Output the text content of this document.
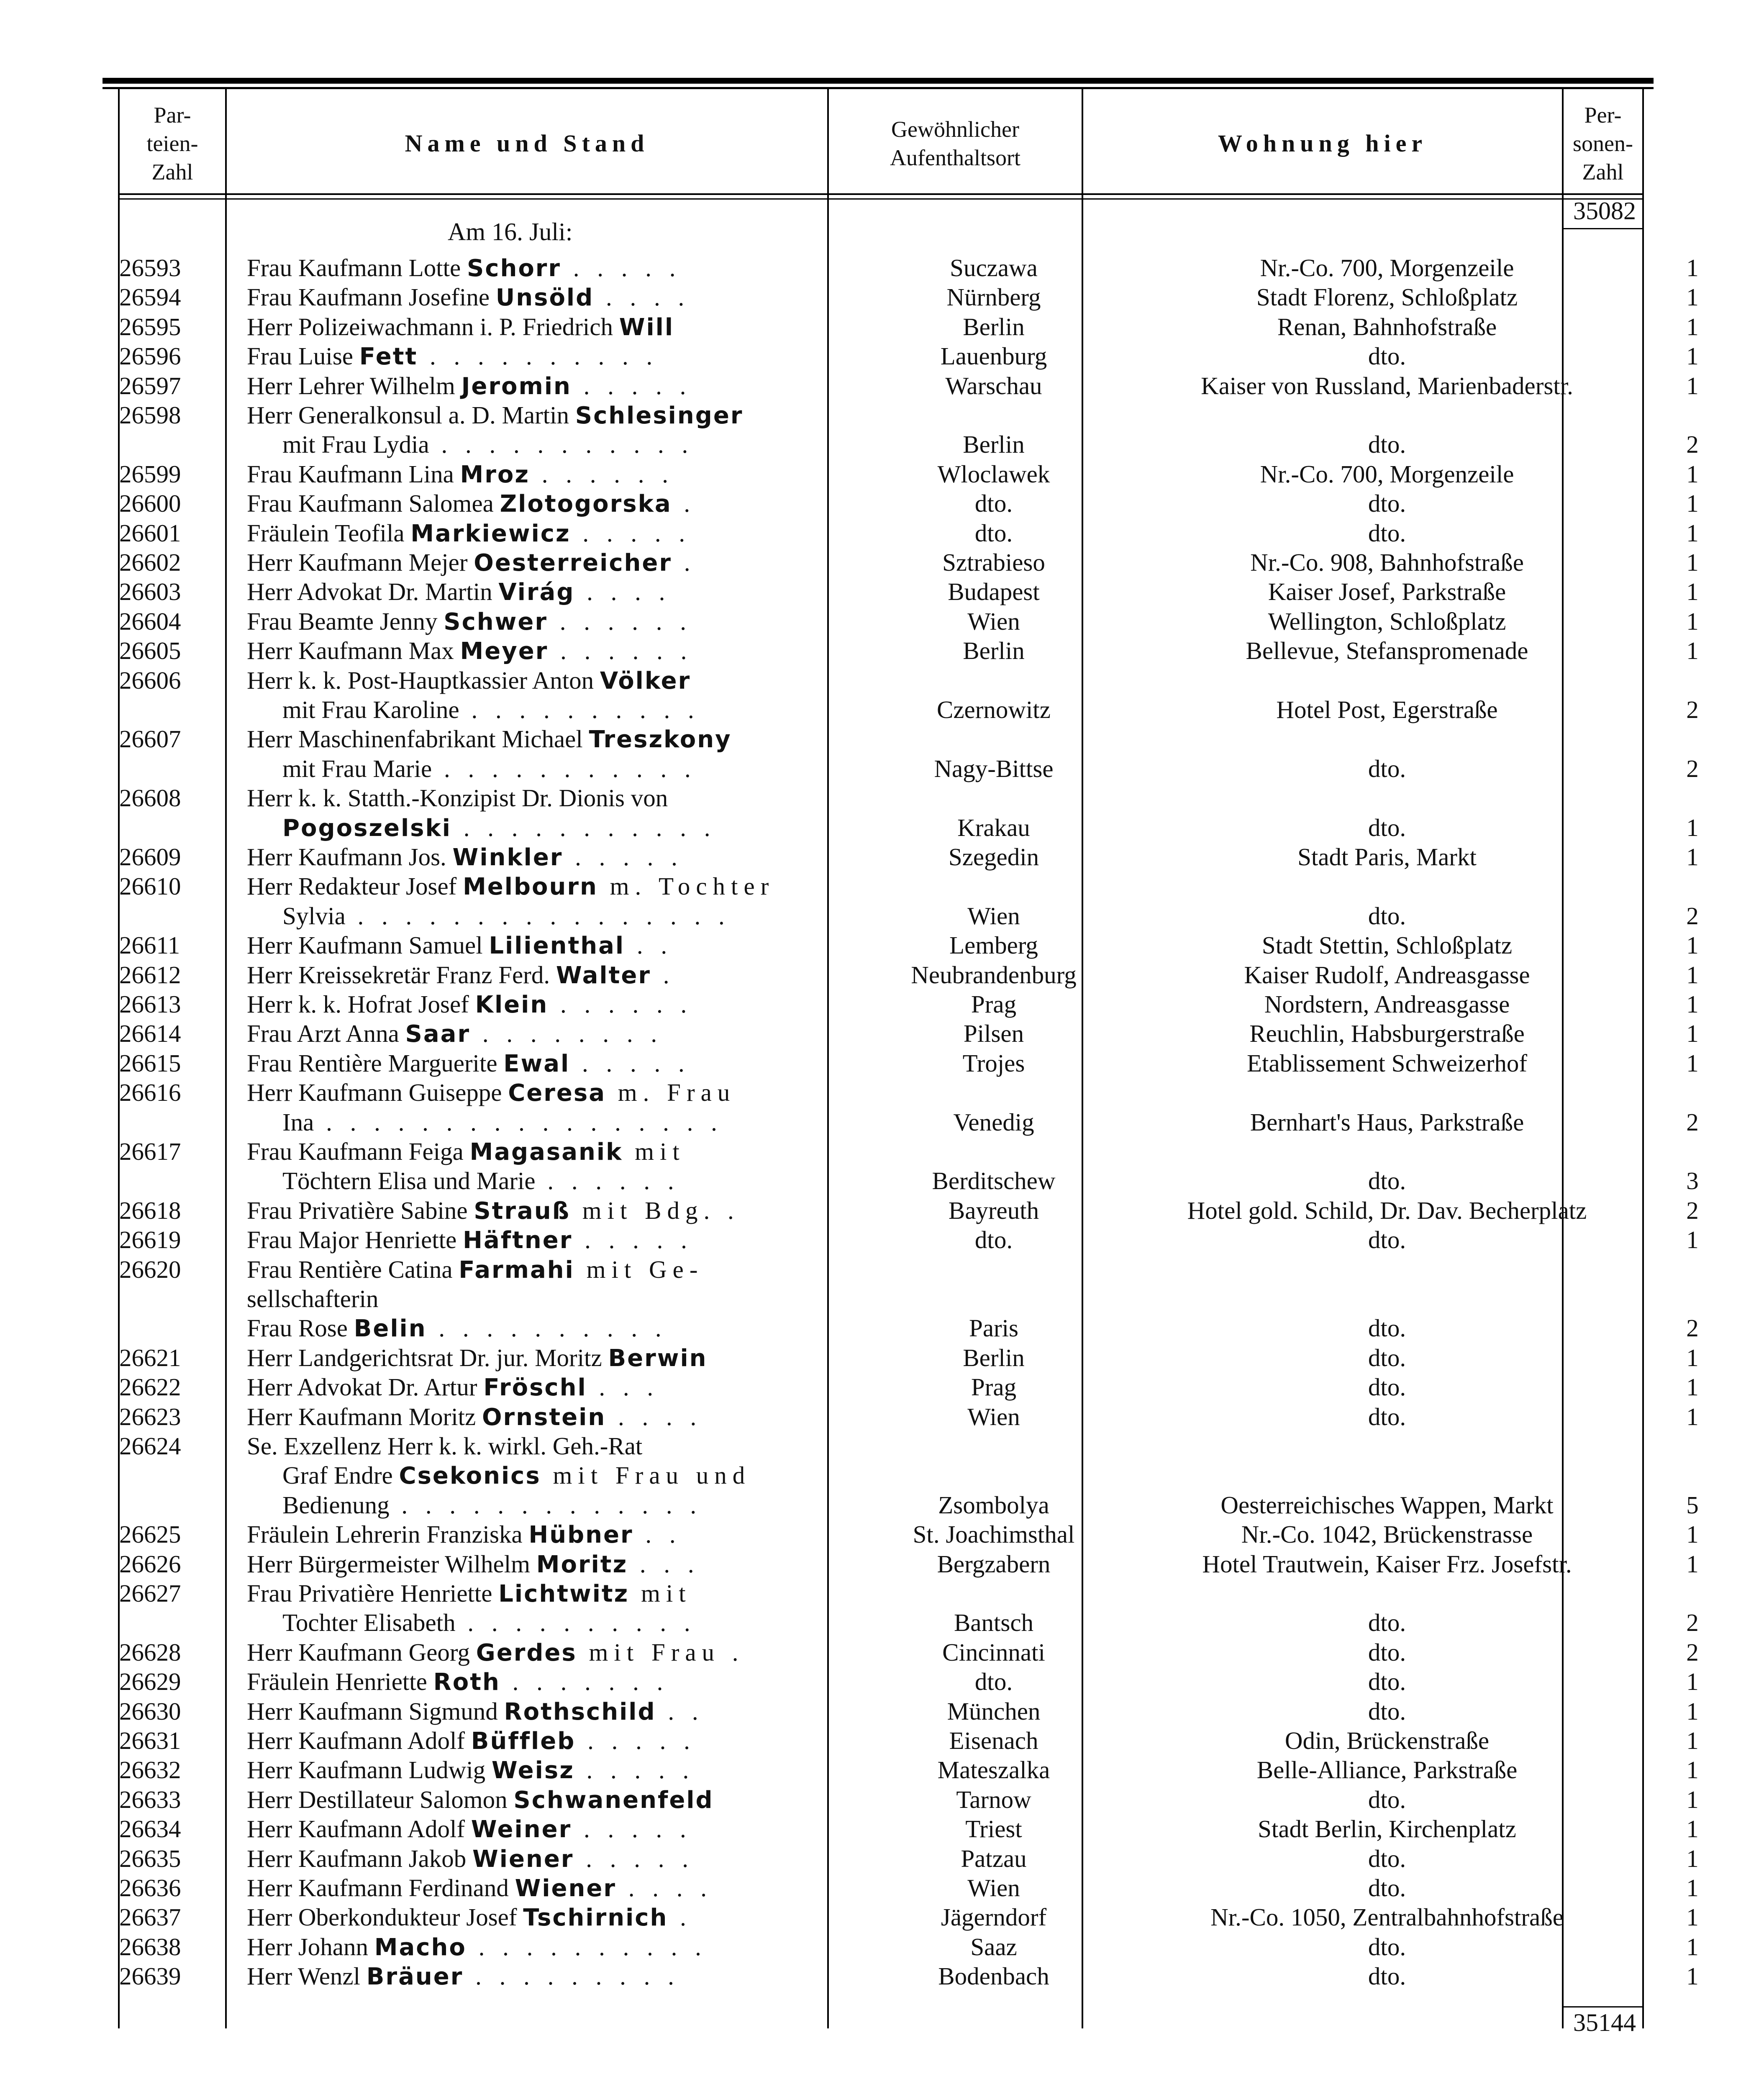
Par-
teien-
Zahl
Name und Stand
Gewöhnlicher
Aufenthaltsort
Wohnung hier
Per-
sonen-
Zahl
Am 16. Juli:
35082
26593	Frau Kaufmann Lotte Schorr . . . . .	Suczawa	Nr.-Co. 700, Morgenzeile	1
26594	Frau Kaufmann Josefine Unsöld . . . .	Nürnberg	Stadt Florenz, Schloßplatz	1
26595	Herr Polizeiwachmann i. P. Friedrich Will	Berlin	Renan, Bahnhofstraße	1
26596	Frau Luise Fett . . . . . . . . . .	Lauenburg	dto.	1
26597	Herr Lehrer Wilhelm Jeromin . . . . .	Warschau	Kaiser von Russland, Marienbaderstr.	1
26598	Herr Generalkonsul a. D. Martin Schlesinger
mit Frau Lydia . . . . . . . . . . .	Berlin	dto.	2
26599	Frau Kaufmann Lina Mroz . . . . . .	Wloclawek	Nr.-Co. 700, Morgenzeile	1
26600	Frau Kaufmann Salomea Zlotogorska .	dto.	dto.	1
26601	Fräulein Teofila Markiewicz . . . . .	dto.	dto.	1
26602	Herr Kaufmann Mejer Oesterreicher .	Sztrabieso	Nr.-Co. 908, Bahnhofstraße	1
26603	Herr Advokat Dr. Martin Virág . . . .	Budapest	Kaiser Josef, Parkstraße	1
26604	Frau Beamte Jenny Schwer . . . . . .	Wien	Wellington, Schloßplatz	1
26605	Herr Kaufmann Max Meyer . . . . . .	Berlin	Bellevue, Stefanspromenade	1
26606	Herr k. k. Post-Hauptkassier Anton Völker
mit Frau Karoline . . . . . . . . . .	Czernowitz	Hotel Post, Egerstraße	2
26607	Herr Maschinenfabrikant Michael Treszkony
mit Frau Marie . . . . . . . . . . .	Nagy-Bittse	dto.	2
26608	Herr k. k. Statth.-Konzipist Dr. Dionis von
Pogoszelski . . . . . . . . . . .	Krakau	dto.	1
26609	Herr Kaufmann Jos. Winkler . . . . .	Szegedin	Stadt Paris, Markt	1
26610	Herr Redakteur Josef Melbourn m. Tochter
Sylvia . . . . . . . . . . . . . . . .	Wien	dto.	2
26611	Herr Kaufmann Samuel Lilienthal . .	Lemberg	Stadt Stettin, Schloßplatz	1
26612	Herr Kreissekretär Franz Ferd. Walter .	Neubrandenburg	Kaiser Rudolf, Andreasgasse	1
26613	Herr k. k. Hofrat Josef Klein . . . . . .	Prag	Nordstern, Andreasgasse	1
26614	Frau Arzt Anna Saar . . . . . . . .	Pilsen	Reuchlin, Habsburgerstraße	1
26615	Frau Rentière Marguerite Ewal . . . . .	Trojes	Etablissement Schweizerhof	1
26616	Herr Kaufmann Guiseppe Ceresa m. Frau
Ina . . . . . . . . . . . . . . . . .	Venedig	Bernhart's Haus, Parkstraße	2
26617	Frau Kaufmann Feiga Magasanik mit
Töchtern Elisa und Marie . . . . . .	Berditschew	dto.	3
26618	Frau Privatière Sabine Strauß mit Bdg. .	Bayreuth	Hotel gold. Schild, Dr. Dav. Becherplatz	2
26619	Frau Major Henriette Häftner . . . . .	dto.	dto.	1
26620	Frau Rentière Catina Farmahi mit Ge-
sellschafterin
Frau Rose Belin . . . . . . . . . .	Paris	dto.	2
26621	Herr Landgerichtsrat Dr. jur. Moritz Berwin	Berlin	dto.	1
26622	Herr Advokat Dr. Artur Fröschl . . .	Prag	dto.	1
26623	Herr Kaufmann Moritz Ornstein . . . .	Wien	dto.	1
26624	Se. Exzellenz Herr k. k. wirkl. Geh.-Rat
Graf Endre Csekonics mit Frau und
Bedienung . . . . . . . . . . . . .	Zsombolya	Oesterreichisches Wappen, Markt	5
26625	Fräulein Lehrerin Franziska Hübner . .	St. Joachimsthal	Nr.-Co. 1042, Brückenstrasse	1
26626	Herr Bürgermeister Wilhelm Moritz . . .	Bergzabern	Hotel Trautwein, Kaiser Frz. Josefstr.	1
26627	Frau Privatière Henriette Lichtwitz mit
Tochter Elisabeth . . . . . . . . . .	Bantsch	dto.	2
26628	Herr Kaufmann Georg Gerdes mit Frau .	Cincinnati	dto.	2
26629	Fräulein Henriette Roth . . . . . . .	dto.	dto.	1
26630	Herr Kaufmann Sigmund Rothschild . .	München	dto.	1
26631	Herr Kaufmann Adolf Büffleb . . . . .	Eisenach	Odin, Brückenstraße	1
26632	Herr Kaufmann Ludwig Weisz . . . . .	Mateszalka	Belle-Alliance, Parkstraße	1
26633	Herr Destillateur Salomon Schwanenfeld	Tarnow	dto.	1
26634	Herr Kaufmann Adolf Weiner . . . . .	Triest	Stadt Berlin, Kirchenplatz	1
26635	Herr Kaufmann Jakob Wiener . . . . .	Patzau	dto.	1
26636	Herr Kaufmann Ferdinand Wiener . . . .	Wien	dto.	1
26637	Herr Oberkondukteur Josef Tschirnich .	Jägerndorf	Nr.-Co. 1050, Zentralbahnhofstraße	1
26638	Herr Johann Macho . . . . . . . . . .	Saaz	dto.	1
26639	Herr Wenzl Bräuer . . . . . . . . .	Bodenbach	dto.	1
35144
